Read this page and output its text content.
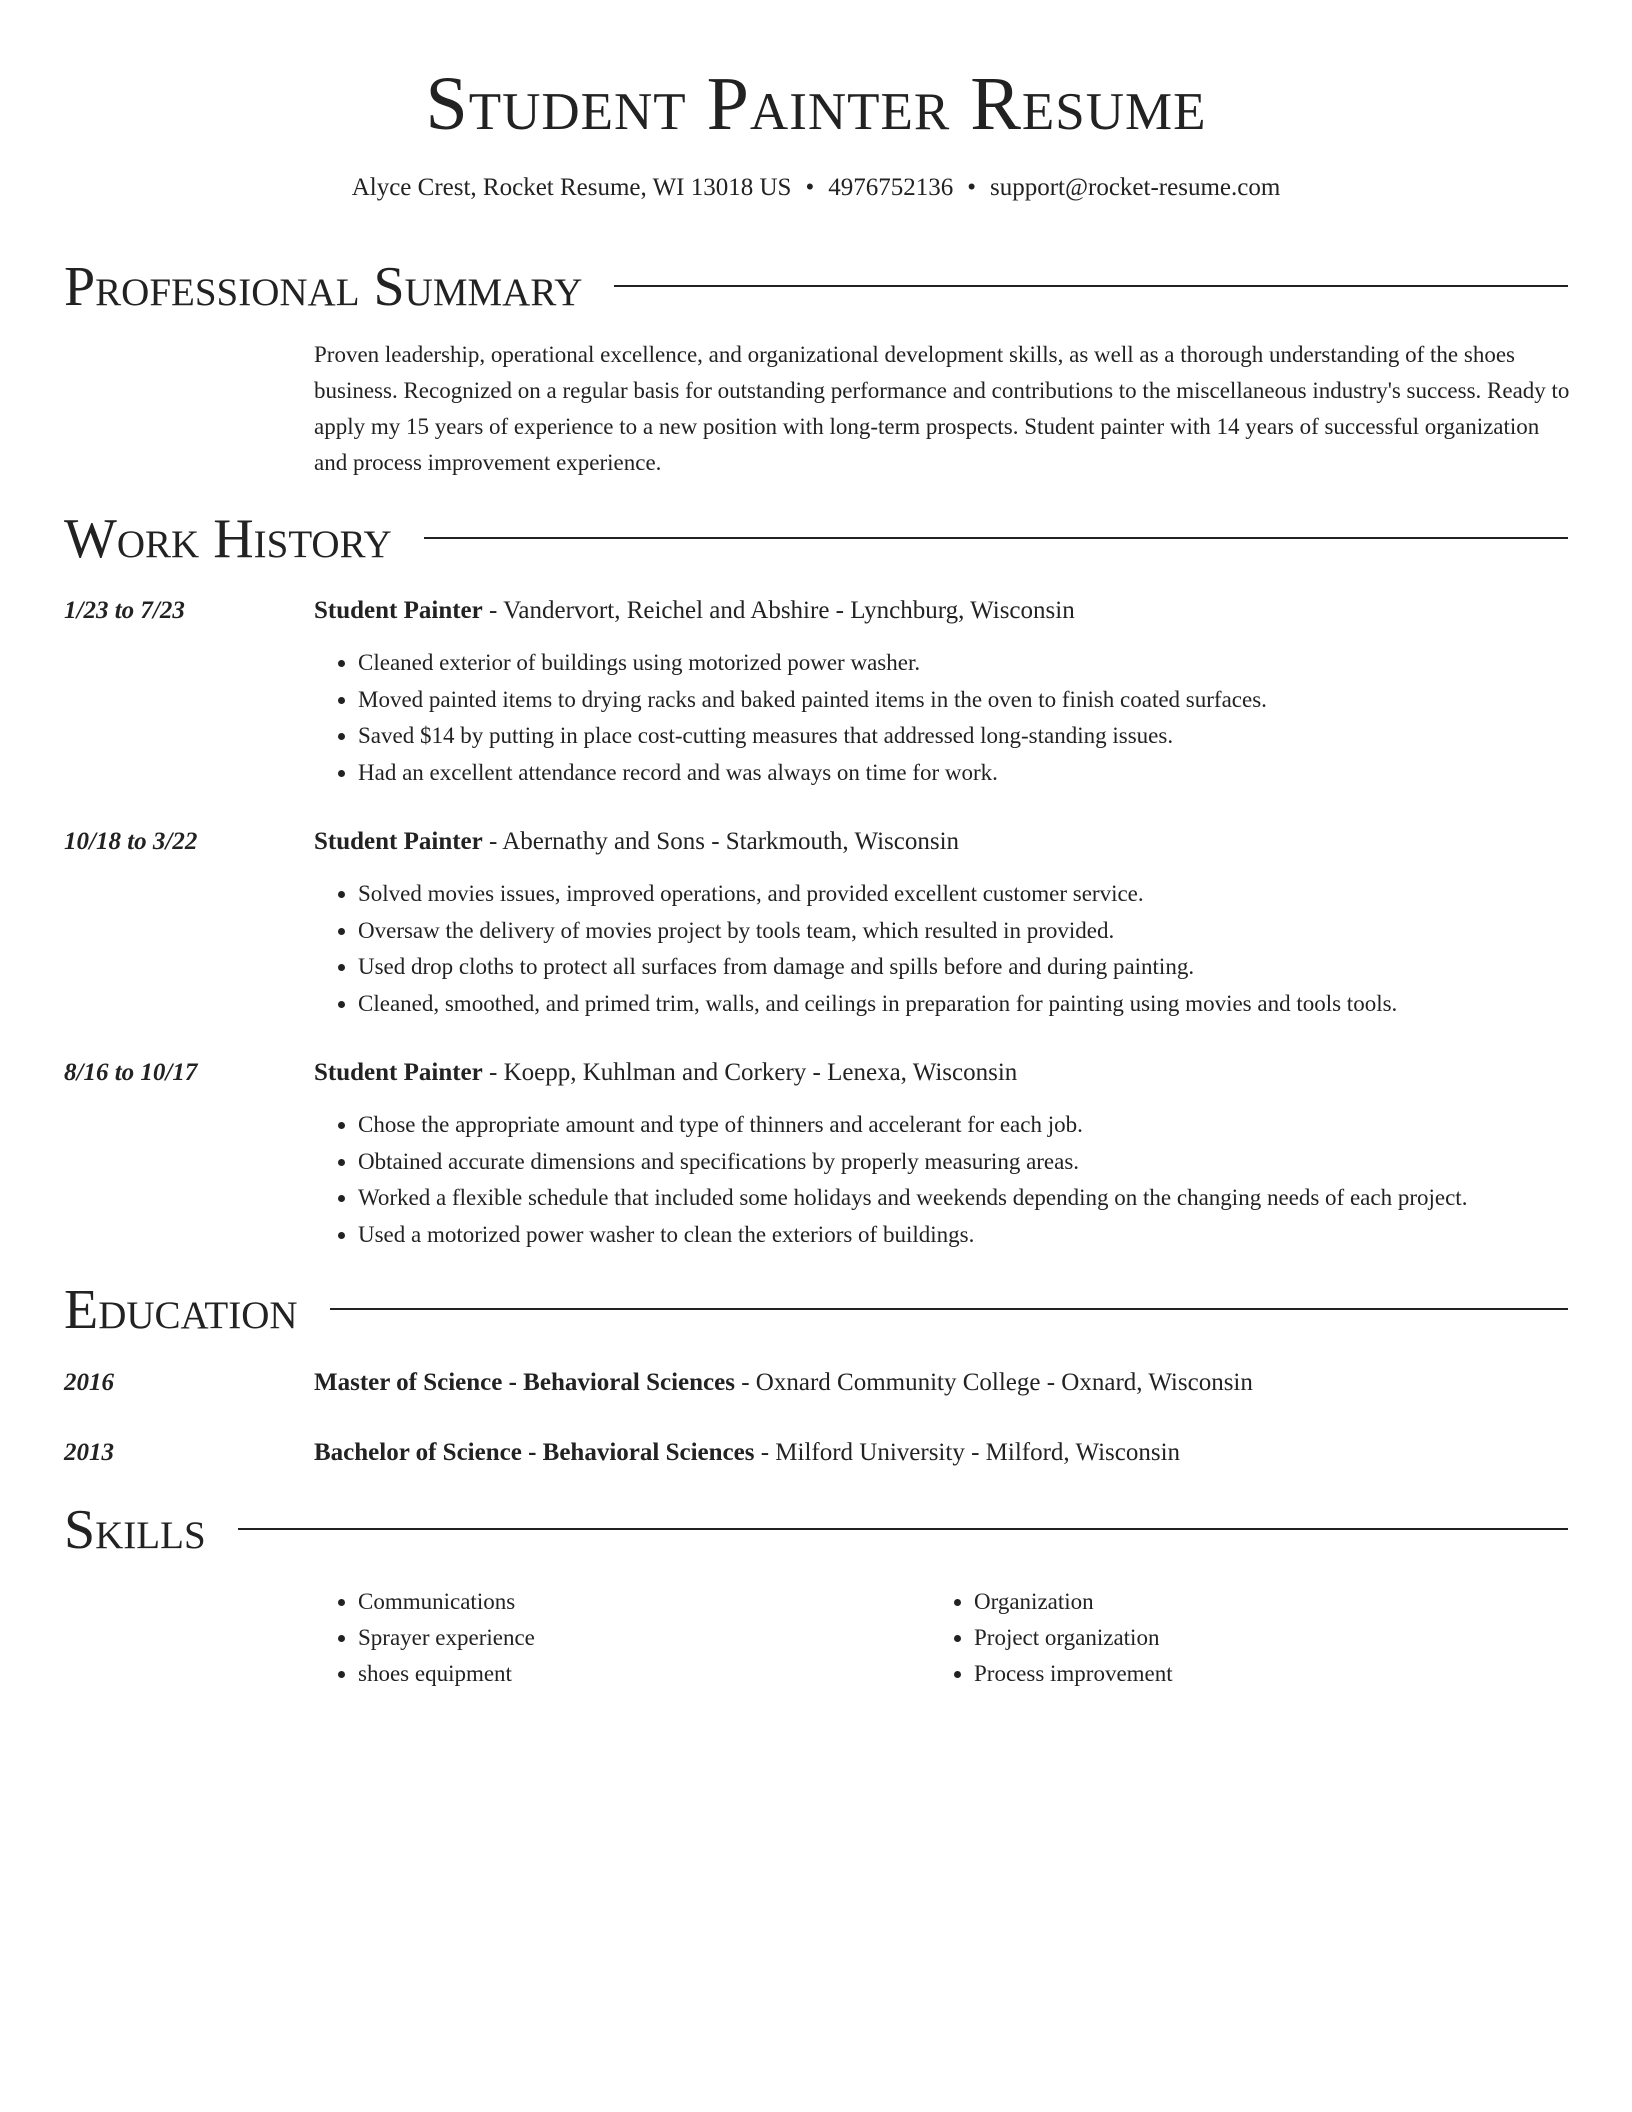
Student Painter Resume
Alyce Crest, Rocket Resume, WI 13018 US • 4976752136 • support@rocket-resume.com
Professional Summary

Proven leadership, operational excellence, and organizational development skills, as well as a thorough understanding of the shoes business. Recognized on a regular basis for outstanding performance and contributions to the miscellaneous industry's success. Ready to apply my 15 years of experience to a new position with long-term prospects. Student painter with 14 years of successful organization and process improvement experience.

Work History
1/23 to 7/23	Student Painter - Vandervort, Reichel and Abshire - Lynchburg, Wisconsin
• Cleaned exterior of buildings using motorized power washer.
• Moved painted items to drying racks and baked painted items in the oven to finish coated surfaces.
• Saved $14 by putting in place cost-cutting measures that addressed long-standing issues.
• Had an excellent attendance record and was always on time for work.
10/18 to 3/22	Student Painter - Abernathy and Sons - Starkmouth, Wisconsin
• Solved movies issues, improved operations, and provided excellent customer service.
• Oversaw the delivery of movies project by tools team, which resulted in provided.
• Used drop cloths to protect all surfaces from damage and spills before and during painting.
• Cleaned, smoothed, and primed trim, walls, and ceilings in preparation for painting using movies and tools tools.
8/16 to 10/17	Student Painter - Koepp, Kuhlman and Corkery - Lenexa, Wisconsin
• Chose the appropriate amount and type of thinners and accelerant for each job.
• Obtained accurate dimensions and specifications by properly measuring areas.
• Worked a flexible schedule that included some holidays and weekends depending on the changing needs of each project.
• Used a motorized power washer to clean the exteriors of buildings.
Education
2016	Master of Science - Behavioral Sciences - Oxnard Community College - Oxnard, Wisconsin
2013	Bachelor of Science - Behavioral Sciences - Milford University - Milford, Wisconsin
Skills
• Communications
• Sprayer experience
• shoes equipment
• Organization
• Project organization
• Process improvement
